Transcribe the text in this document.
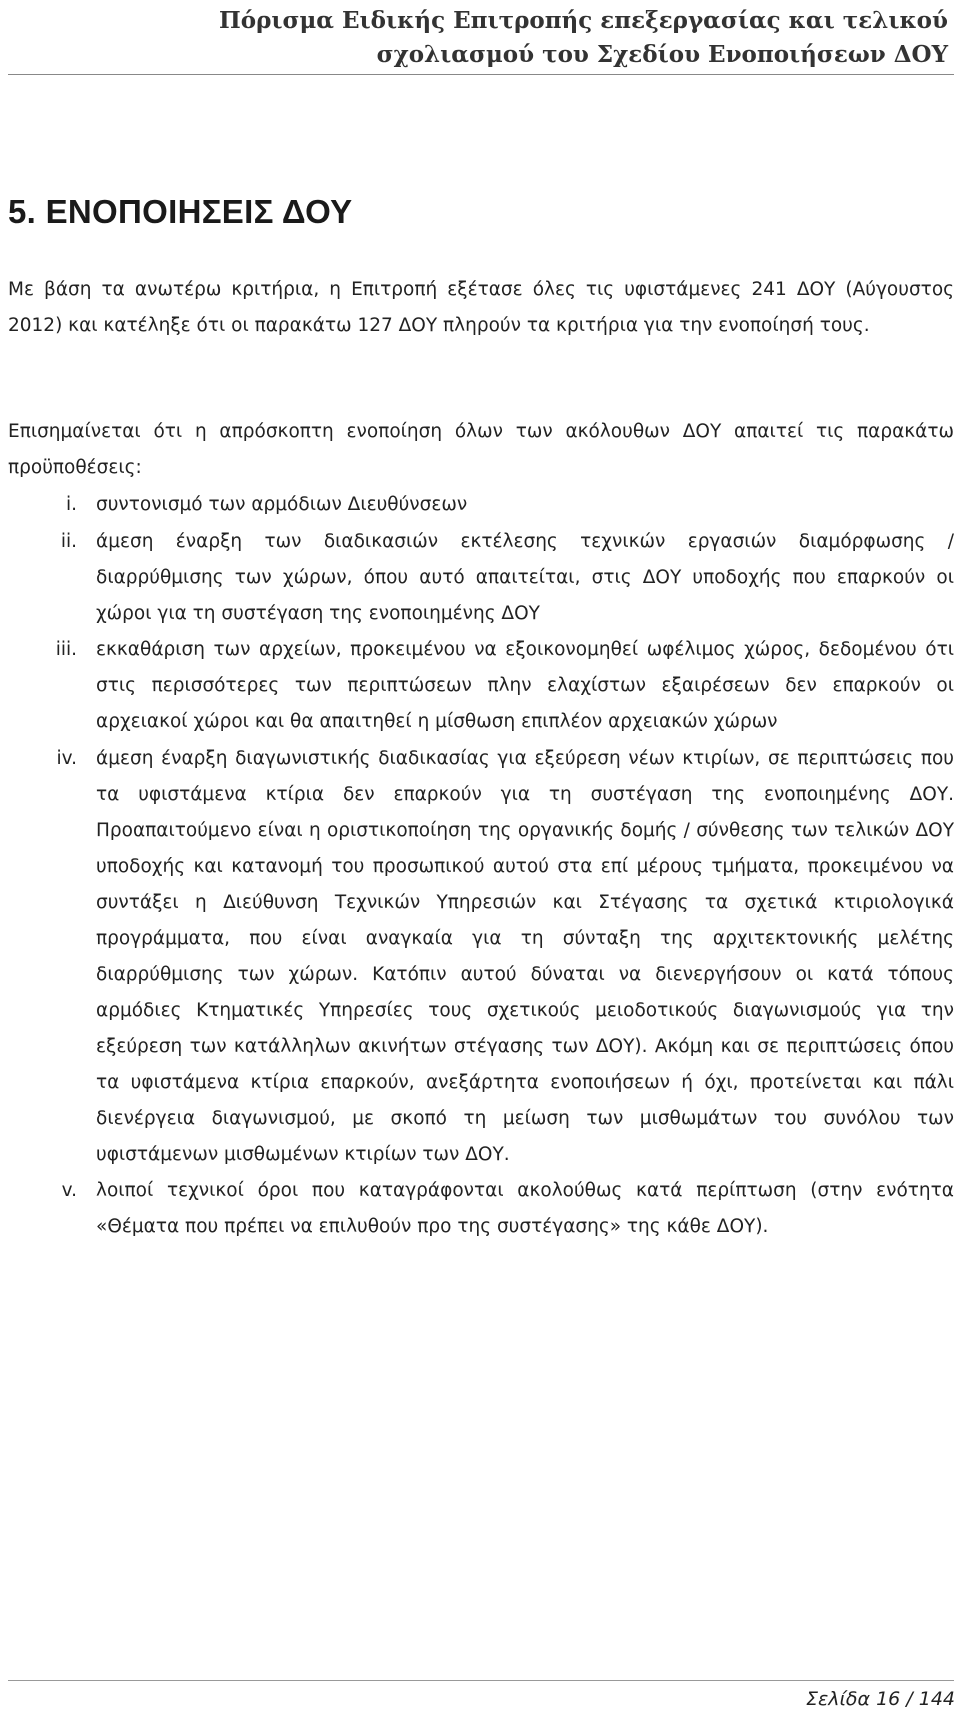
Πόρισμα Ειδικής Επιτροπής επεξεργασίας και τελικού
σχολιασμού του Σχεδίου Ενοποιήσεων ΔΟΥ
5. ΕΝΟΠΟΙΗΣΕΙΣ ΔΟΥ

Με βάση τα ανωτέρω κριτήρια, η Επιτροπή εξέτασε όλες τις υφιστάμενες 241 ΔΟΥ (Αύγουστος 2012) και κατέληξε ότι οι παρακάτω 127 ΔΟΥ πληρούν τα κριτήρια για την ενοποίησή τους.

Επισημαίνεται ότι η απρόσκοπτη ενοποίηση όλων των ακόλουθων ΔΟΥ απαιτεί τις παρακάτω προϋποθέσεις:

i. συντονισμό των αρμόδιων Διευθύνσεων
ii. άμεση έναρξη των διαδικασιών εκτέλεσης τεχνικών εργασιών διαμόρφωσης / διαρρύθμισης των χώρων, όπου αυτό απαιτείται, στις ΔΟΥ υποδοχής που επαρκούν οι χώροι για τη συστέγαση της ενοποιημένης ΔΟΥ
iii. εκκαθάριση των αρχείων, προκειμένου να εξοικονομηθεί ωφέλιμος χώρος, δεδομένου ότι στις περισσότερες των περιπτώσεων πλην ελαχίστων εξαιρέσεων δεν επαρκούν οι αρχειακοί χώροι και θα απαιτηθεί η μίσθωση επιπλέον αρχειακών χώρων
iv. άμεση έναρξη διαγωνιστικής διαδικασίας για εξεύρεση νέων κτιρίων, σε περιπτώσεις που τα υφιστάμενα κτίρια δεν επαρκούν για τη συστέγαση της ενοποιημένης ΔΟΥ. Προαπαιτούμενο είναι η οριστικοποίηση της οργανικής δομής / σύνθεσης των τελικών ΔΟΥ υποδοχής και κατανομή του προσωπικού αυτού στα επί μέρους τμήματα, προκειμένου να συντάξει η Διεύθυνση Τεχνικών Υπηρεσιών και Στέγασης τα σχετικά κτιριολογικά προγράμματα, που είναι αναγκαία για τη σύνταξη της αρχιτεκτονικής μελέτης διαρρύθμισης των χώρων. Κατόπιν αυτού δύναται να διενεργήσουν οι κατά τόπους αρμόδιες Κτηματικές Υπηρεσίες τους σχετικούς μειοδοτικούς διαγωνισμούς για την εξεύρεση των κατάλληλων ακινήτων στέγασης των ΔΟΥ). Ακόμη και σε περιπτώσεις όπου τα υφιστάμενα κτίρια επαρκούν, ανεξάρτητα ενοποιήσεων ή όχι, προτείνεται και πάλι διενέργεια διαγωνισμού, με σκοπό τη μείωση των μισθωμάτων του συνόλου των υφιστάμενων μισθωμένων κτιρίων των ΔΟΥ.
v. λοιποί τεχνικοί όροι που καταγράφονται ακολούθως κατά περίπτωση (στην ενότητα «Θέματα που πρέπει να επιλυθούν προ της συστέγασης» της κάθε ΔΟΥ).
Σελίδα 16 / 144
